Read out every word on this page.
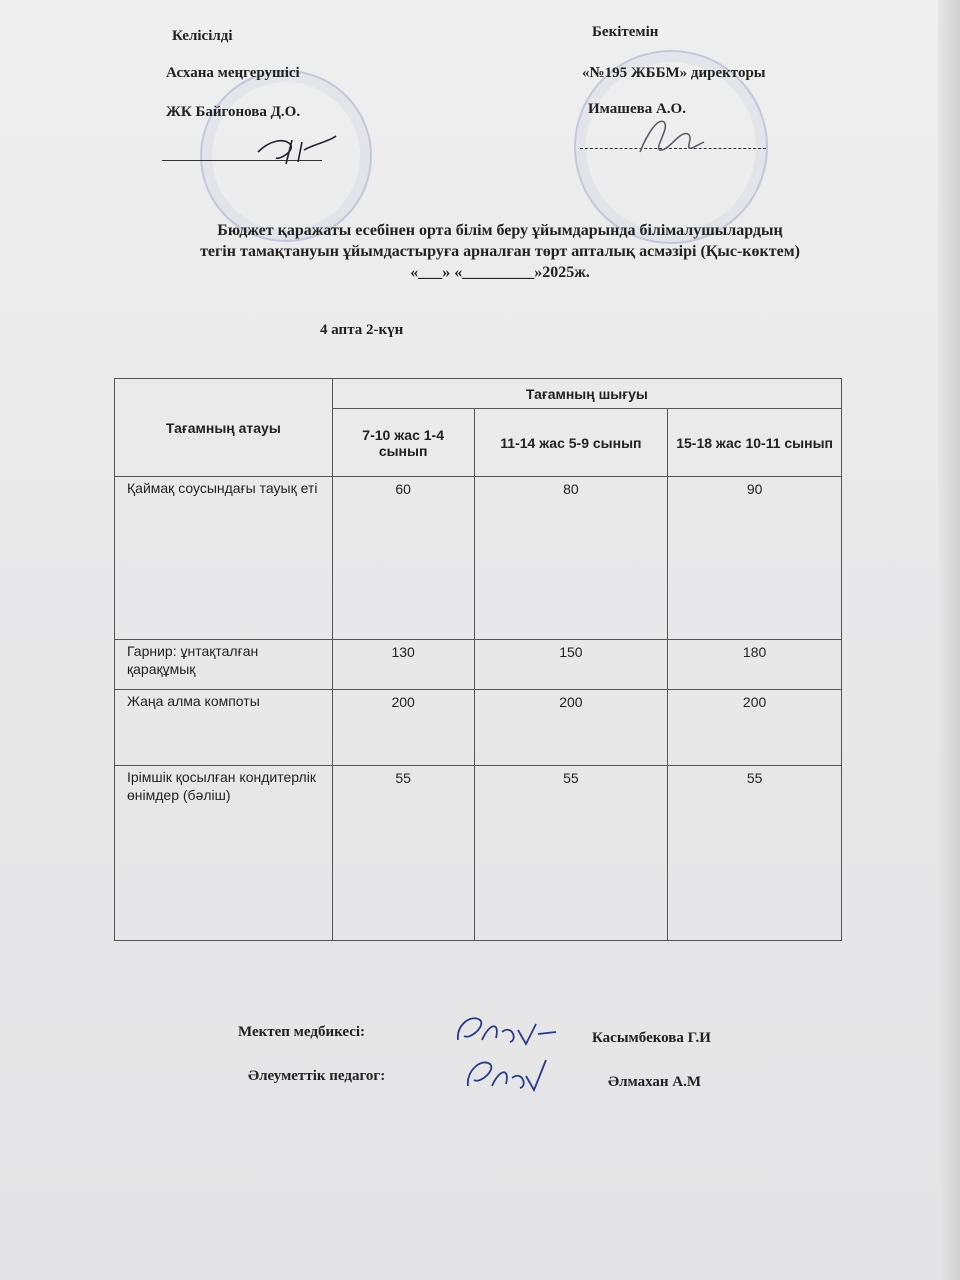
Келісілді
Асхана меңгерушісі
ЖК Байгонова Д.О.
Бекітемін
«№195 ЖББМ» директоры
Имашева А.О.
Бюджет қаражаты есебінен орта білім беру ұйымдарында білімалушылардың
тегін тамақтануын ұйымдастыруға арналған төрт апталық асмәзірі (Қыс-көктем)
«___» «_________»2025ж.
4 апта 2-күн
Тағамның атауы	Тағамның шығуы		
	7-10 жас 1-4 сынып	11-14 жас 5-9 сынып	15-18 жас 10-11 сынып
Қаймақ соусындағы тауық еті	60	80	90
Гарнир: ұнтақталған қарақұмық	130	150	180
Жаңа алма компоты	200	200	200
Ірімшік қосылған кондитерлік өнімдер (бәліш)	55	55	55
Мектеп медбикесі:	Касымбекова Г.И
Әлеуметтік педагог:	Әлмахан А.М
